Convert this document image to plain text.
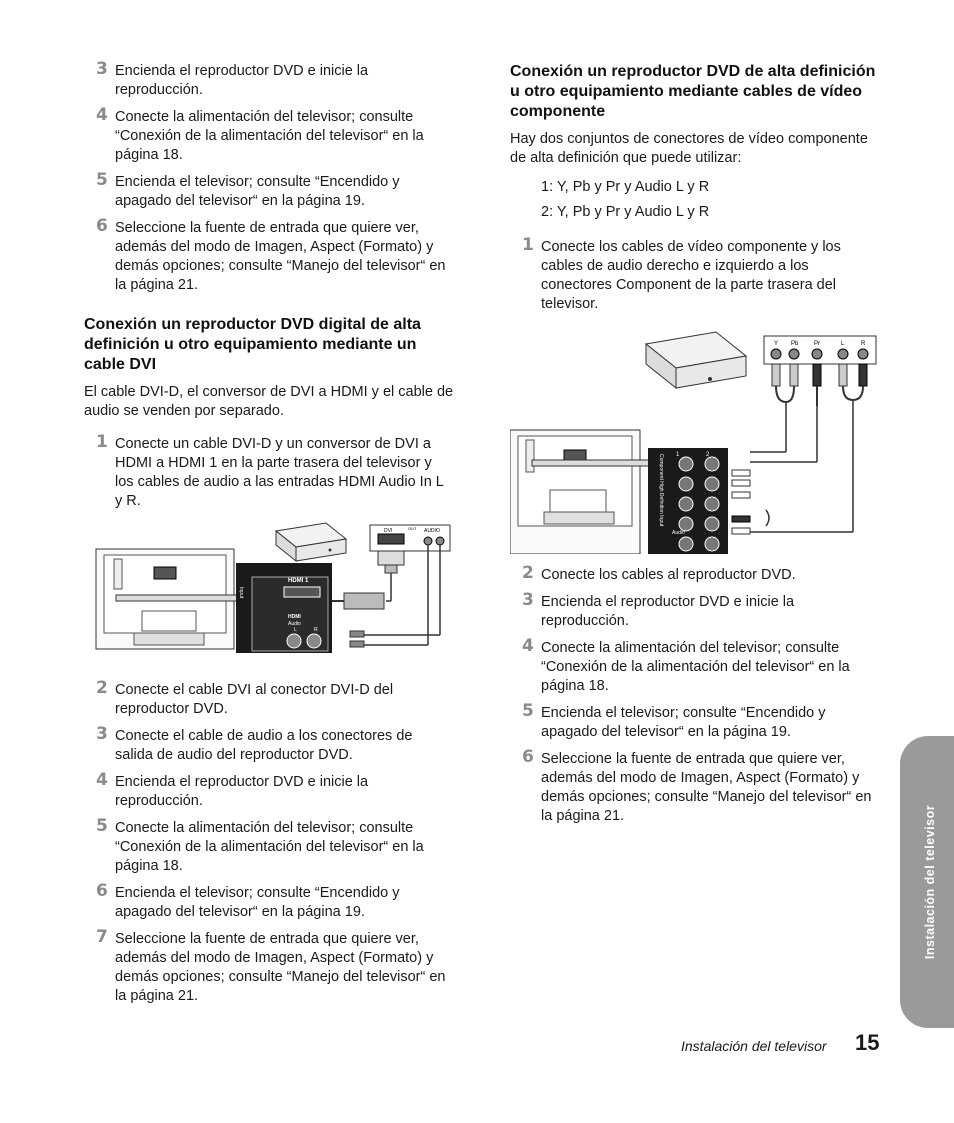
3 Encienda el reproductor DVD e inicie la reproducción.
4 Conecte la alimentación del televisor; consulte “Conexión de la alimentación del televisor“ en la página 18.
5 Encienda el televisor; consulte “Encendido y apagado del televisor“ en la página 19.
6 Seleccione la fuente de entrada que quiere ver, además del modo de Imagen, Aspect (Formato) y demás opciones; consulte “Manejo del televisor“ en la página 21.
Conexión un reproductor DVD digital de alta definición u otro equipamiento mediante un cable DVI
El cable DVI-D, el conversor de DVI a HDMI y el cable de audio se venden por separado.
1 Conecte un cable DVI-D y un conversor de DVI a HDMI a HDMI 1 en la parte trasera del televisor y los cables de audio a las entradas HDMI Audio In L y R.
DVI	OUT AUDIO
Input
HDMI 1
HDMI
Audio
L	R
2 Conecte el cable DVI al conector DVI-D del reproductor DVD.
3 Conecte el cable de audio a los conectores de salida de audio del reproductor DVD.
4 Encienda el reproductor DVD e inicie la reproducción.
5 Conecte la alimentación del televisor; consulte “Conexión de la alimentación del televisor“ en la página 18.
6 Encienda el televisor; consulte “Encendido y apagado del televisor“ en la página 19.
7 Seleccione la fuente de entrada que quiere ver, además del modo de Imagen, Aspect (Formato) y demás opciones; consulte “Manejo del televisor“ en la página 21.
Conexión un reproductor DVD de alta definición u otro equipamiento mediante cables de vídeo componente
Hay dos conjuntos de conectores de vídeo componente de alta definición que puede utilizar:
1: Y, Pb y Pr y Audio L y R
2: Y, Pb y Pr y Audio L y R
1 Conecte los cables de vídeo componente y los cables de audio derecho e izquierdo a los conectores Component de la parte trasera del televisor.
Y Pb	Pr	L	R
Component High Definition Input 1	2
Audio
2 Conecte los cables al reproductor DVD.
3 Encienda el reproductor DVD e inicie la reproducción.
4 Conecte la alimentación del televisor; consulte “Conexión de la alimentación del televisor“ en la página 18.
5 Encienda el televisor; consulte “Encendido y apagado del televisor“ en la página 19.
6 Seleccione la fuente de entrada que quiere ver, además del modo de Imagen, Aspect (Formato) y demás opciones; consulte “Manejo del televisor“ en la página 21.	Instalación del televisor
Instalación del televisor 15
